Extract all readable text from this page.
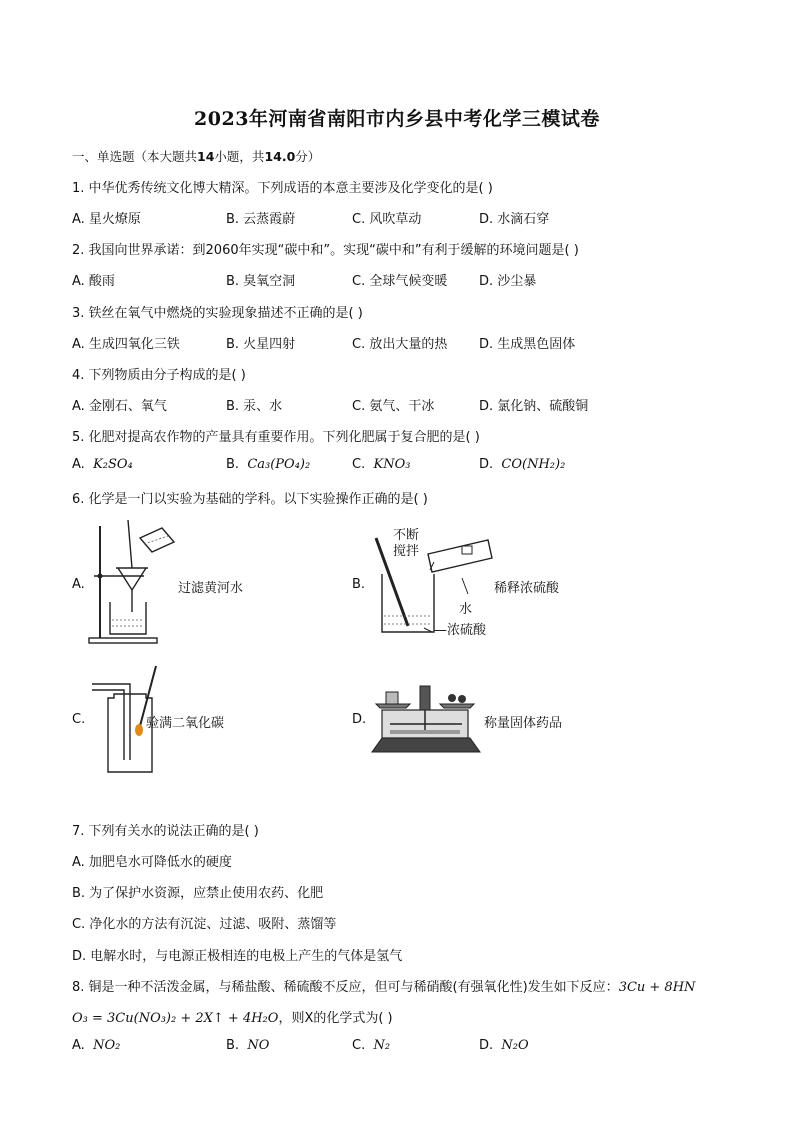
2023年河南省南阳市内乡县中考化学三模试卷
一、单选题（本大题共14小题，共14.0分）
1. 中华优秀传统文化博大精深。下列成语的本意主要涉及化学变化的是( )
A. 星火燎原	B. 云蒸霞蔚	C. 风吹草动	D. 水滴石穿
2. 我国向世界承诺：到2060年实现“碳中和”。实现“碳中和”有利于缓解的环境问题是( )
A. 酸雨	B. 臭氧空洞	C. 全球气候变暖 D. 沙尘暴
3. 铁丝在氧气中燃烧的实验现象描述不正确的是( )
A. 生成四氧化三铁	B. 火星四射	C. 放出大量的热 D. 生成黑色固体
4. 下列物质由分子构成的是( )
A. 金刚石、氧气	B. 汞、水	C. 氨气、干冰	D. 氯化钠、硫酸铜
5. 化肥对提高农作物的产量具有重要作用。下列化肥属于复合肥的是( )
A. K₂SO₄	B. Ca₃(PO₄)₂	C. KNO₃	D. CO(NH₂)₂
6. 化学是一门以实验为基础的学科。以下实验操作正确的是( )
A.	过滤黄河水	B.
不断
搅拌
稀释浓硫酸
水
—浓硫酸
C.	验满二氧化碳	D.	称量固体药品
7. 下列有关水的说法正确的是( )
A. 加肥皂水可降低水的硬度
B. 为了保护水资源，应禁止使用农药、化肥
C. 净化水的方法有沉淀、过滤、吸附、蒸馏等
D. 电解水时，与电源正极相连的电极上产生的气体是氢气
8. 铜是一种不活泼金属，与稀盐酸、稀硫酸不反应，但可与稀硝酸(有强氧化性)发生如下反应：3Cu + 8HN
O₃ = 3Cu(NO₃)₂ + 2X↑ + 4H₂O，则X的化学式为( )
A. NO₂	B. NO	C. N₂	D. N₂O
